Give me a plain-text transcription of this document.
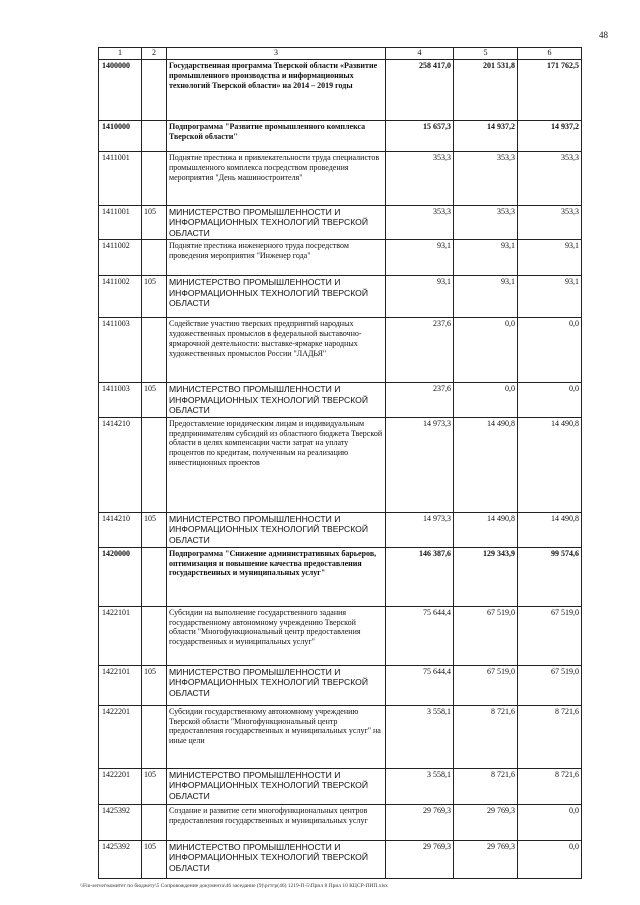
48
1	2	3	4	5	6
1400000		Государственная программа Тверской области «Развитие промышленного производства и информационных технологий Тверской области» на 2014 – 2019 годы	258 417,0	201 531,8	171 762,5
1410000		Подпрограмма "Развитие промышленного комплекса Тверской области"	15 657,3	14 937,2	14 937,2
1411001		Поднятие престижа и привлекательности труда специалистов промышленного комплекса посредством проведения мероприятия "День машиностроителя"	353,3	353,3	353,3
1411001	105	МИНИСТЕРСТВО ПРОМЫШЛЕННОСТИ И ИНФОРМАЦИОННЫХ ТЕХНОЛОГИЙ ТВЕРСКОЙ ОБЛАСТИ	353,3	353,3	353,3
1411002		Поднятие престижа инженерного труда посредством проведения мероприятия "Инженер года"	93,1	93,1	93,1
1411002	105	МИНИСТЕРСТВО ПРОМЫШЛЕННОСТИ И ИНФОРМАЦИОННЫХ ТЕХНОЛОГИЙ ТВЕРСКОЙ ОБЛАСТИ	93,1	93,1	93,1
1411003		Содействие участию тверских предприятий народных художественных промыслов в федеральной выставочно-ярмарочной деятельности: выставке-ярмарке народных художественных промыслов России "ЛАДЬЯ"	237,6	0,0	0,0
1411003	105	МИНИСТЕРСТВО ПРОМЫШЛЕННОСТИ И ИНФОРМАЦИОННЫХ ТЕХНОЛОГИЙ ТВЕРСКОЙ ОБЛАСТИ	237,6	0,0	0,0
1414210		Предоставление юридическим лицам и индивидуальным предпринимателям субсидий из областного бюджета Тверской области в целях компенсации части затрат на уплату процентов по кредитам, полученным на реализацию инвестиционных проектов	14 973,3	14 490,8	14 490,8
1414210	105	МИНИСТЕРСТВО ПРОМЫШЛЕННОСТИ И ИНФОРМАЦИОННЫХ ТЕХНОЛОГИЙ ТВЕРСКОЙ ОБЛАСТИ	14 973,3	14 490,8	14 490,8
1420000		Подпрограмма "Снижение административных барьеров, оптимизация и повышение качества предоставления государственных и муниципальных услуг"	146 387,6	129 343,9	99 574,6
1422101		Субсидии на выполнение государственного задания государственному автономному учреждению Тверской области "Многофункциональный центр предоставления государственных и муниципальных услуг"	75 644,4	67 519,0	67 519,0
1422101	105	МИНИСТЕРСТВО ПРОМЫШЛЕННОСТИ И ИНФОРМАЦИОННЫХ ТЕХНОЛОГИЙ ТВЕРСКОЙ ОБЛАСТИ	75 644,4	67 519,0	67 519,0
1422201		Субсидии государственному автономному учреждению Тверской области "Многофункциональный центр предоставления государственных и муниципальных услуг" на иные цели	3 558,1	8 721,6	8 721,6
1422201	105	МИНИСТЕРСТВО ПРОМЫШЛЕННОСТИ И ИНФОРМАЦИОННЫХ ТЕХНОЛОГИЙ ТВЕРСКОЙ ОБЛАСТИ	3 558,1	8 721,6	8 721,6
1425392		Создание и развитие сети многофункциональных центров предоставления государственных и муниципальных услуг	29 769,3	29 769,3	0,0
1425392	105	МИНИСТЕРСТВО ПРОМЫШЛЕННОСТИ И ИНФОРМАЦИОННЫХ ТЕХНОЛОГИЙ ТВЕРСКОЙ ОБЛАСТИ	29 769,3	29 769,3	0,0
\\Fin-server\комитет по бюджету\5 Сопровождение документа\46 заседание (9)\ргтгр(46) 1219-П-5\Прил 8 Прил 10 КЦСР-ПИП.xlsx
